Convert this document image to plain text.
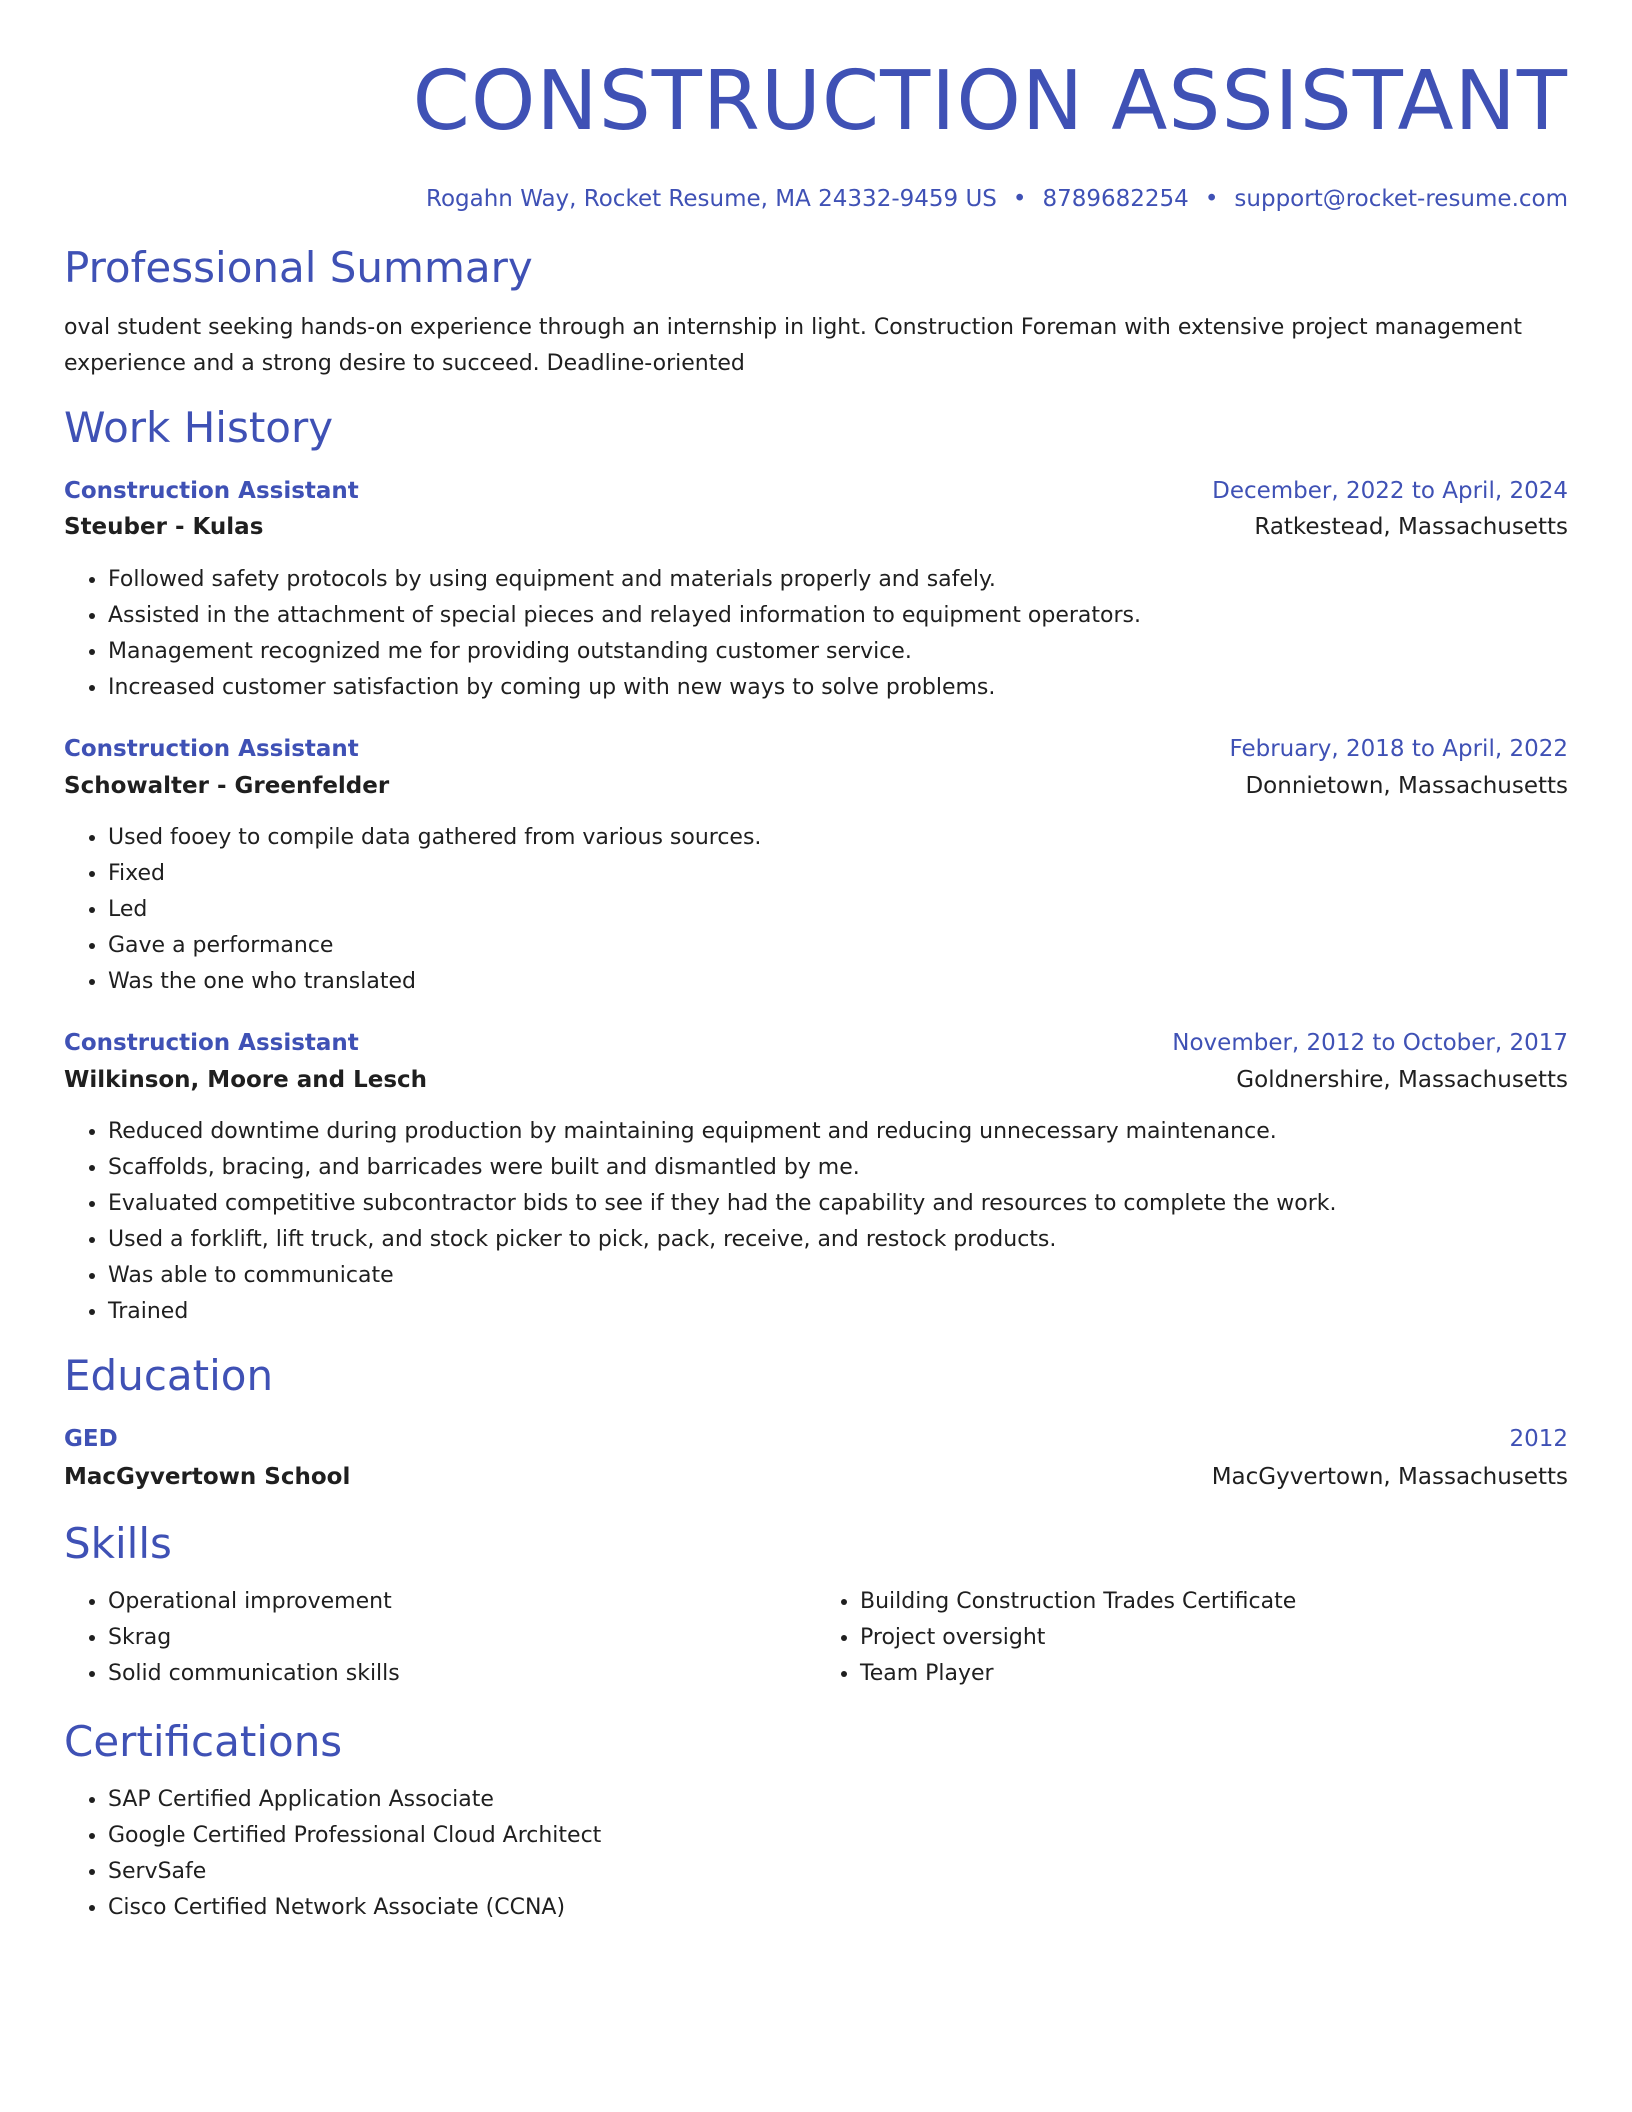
CONSTRUCTION ASSISTANT
Rogahn Way, Rocket Resume, MA 24332-9459 US • 8789682254 • support@rocket-resume.com
Professional Summary
oval student seeking hands-on experience through an internship in light. Construction Foreman with extensive project management experience and a strong desire to succeed. Deadline-oriented
Work History
Construction Assistant	December, 2022 to April, 2024
Steuber - Kulas	Ratkestead, Massachusetts
• Followed safety protocols by using equipment and materials properly and safely.
• Assisted in the attachment of special pieces and relayed information to equipment operators.
• Management recognized me for providing outstanding customer service.
• Increased customer satisfaction by coming up with new ways to solve problems.
Construction Assistant	February, 2018 to April, 2022
Schowalter - Greenfelder	Donnietown, Massachusetts
• Used fooey to compile data gathered from various sources.
• Fixed
• Led
• Gave a performance
• Was the one who translated
Construction Assistant	November, 2012 to October, 2017
Wilkinson, Moore and Lesch	Goldnershire, Massachusetts
• Reduced downtime during production by maintaining equipment and reducing unnecessary maintenance.
• Scaffolds, bracing, and barricades were built and dismantled by me.
• Evaluated competitive subcontractor bids to see if they had the capability and resources to complete the work.
• Used a forklift, lift truck, and stock picker to pick, pack, receive, and restock products.
• Was able to communicate
• Trained
Education
GED	2012
MacGyvertown School	MacGyvertown, Massachusetts
Skills
• Operational improvement
• Skrag
• Solid communication skills
• Building Construction Trades Certificate
• Project oversight
• Team Player
Certifications
• SAP Certified Application Associate
• Google Certified Professional Cloud Architect
• ServSafe
• Cisco Certified Network Associate (CCNA)
